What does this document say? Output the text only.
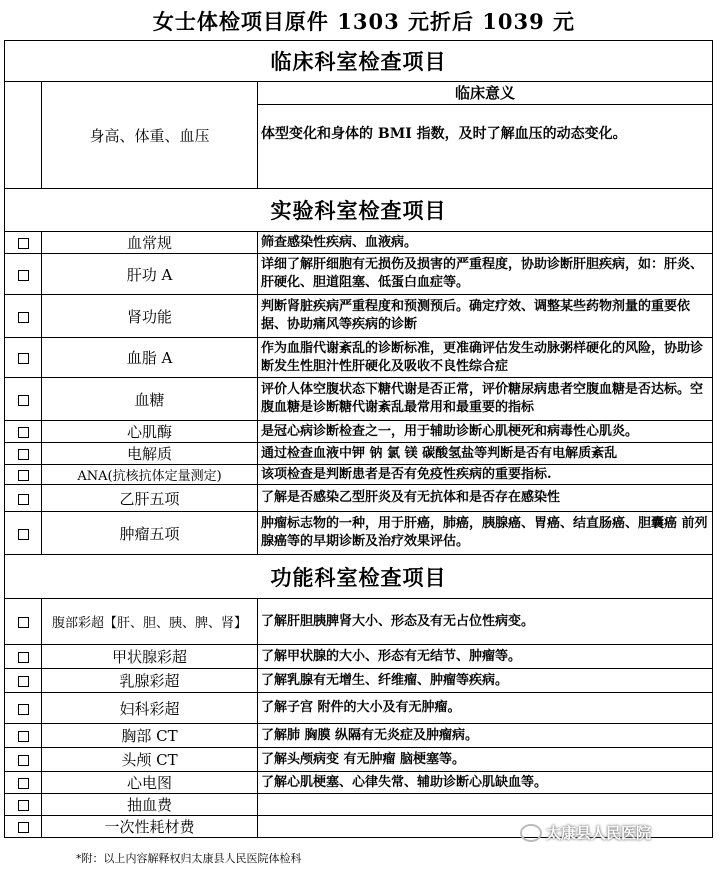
女士体检项目原件 1303 元折后 1039 元
临床科室检查项目		
	身高、体重、血压	临床意义
体型变化和身体的 BMI 指数，及时了解血压的动态变化。

实验科室检查项目		
	血常规	筛查感染性疾病、血液病。
	肝功 A	详细了解肝细胞有无损伤及损害的严重程度，协助诊断肝胆疾病，如：肝炎、肝硬化、胆道阻塞、低蛋白血症等。
	肾功能	判断肾脏疾病严重程度和预测预后。确定疗效、调整某些药物剂量的重要依据、协助痛风等疾病的诊断
	血脂 A	作为血脂代谢紊乱的诊断标准，更准确评估发生动脉粥样硬化的风险，协助诊断发生性胆汁性肝硬化及吸收不良性综合症
	血糖	评价人体空腹状态下糖代谢是否正常，评价糖尿病患者空腹血糖是否达标。空腹血糖是诊断糖代谢紊乱最常用和最重要的指标
	心肌酶	是冠心病诊断检查之一，用于辅助诊断心肌梗死和病毒性心肌炎。
	电解质	通过检查血液中钾 钠 氯 镁 碳酸氢盐等判断是否有电解质紊乱
	ANA(抗核抗体定量测定)	该项检查是判断患者是否有免疫性疾病的重要指标.
	乙肝五项	了解是否感染乙型肝炎及有无抗体和是否存在感染性
	肿瘤五项	肿瘤标志物的一种，用于肝癌，肺癌，胰腺癌、胃癌、结直肠癌、胆囊癌 前列腺癌等的早期诊断及治疗效果评估。
功能科室检查项目		
	腹部彩超【肝、胆、胰、脾、肾】	了解肝胆胰脾肾大小、形态及有无占位性病变。
	甲状腺彩超	了解甲状腺的大小、形态有无结节、肿瘤等。
	乳腺彩超	了解乳腺有无增生、纤维瘤、肿瘤等疾病。
	妇科彩超	了解子宫 附件的大小及有无肿瘤。
	胸部 CT	了解肺 胸膜 纵隔有无炎症及肿瘤病。
	头颅 CT	了解头颅病变 有无肿瘤 脑梗塞等。
	心电图	了解心肌梗塞、心律失常、辅助诊断心肌缺血等。
	抽血费	
	一次性耗材费	
*附：以上内容解释权归太康县人民医院体检科
太康县人民医院
